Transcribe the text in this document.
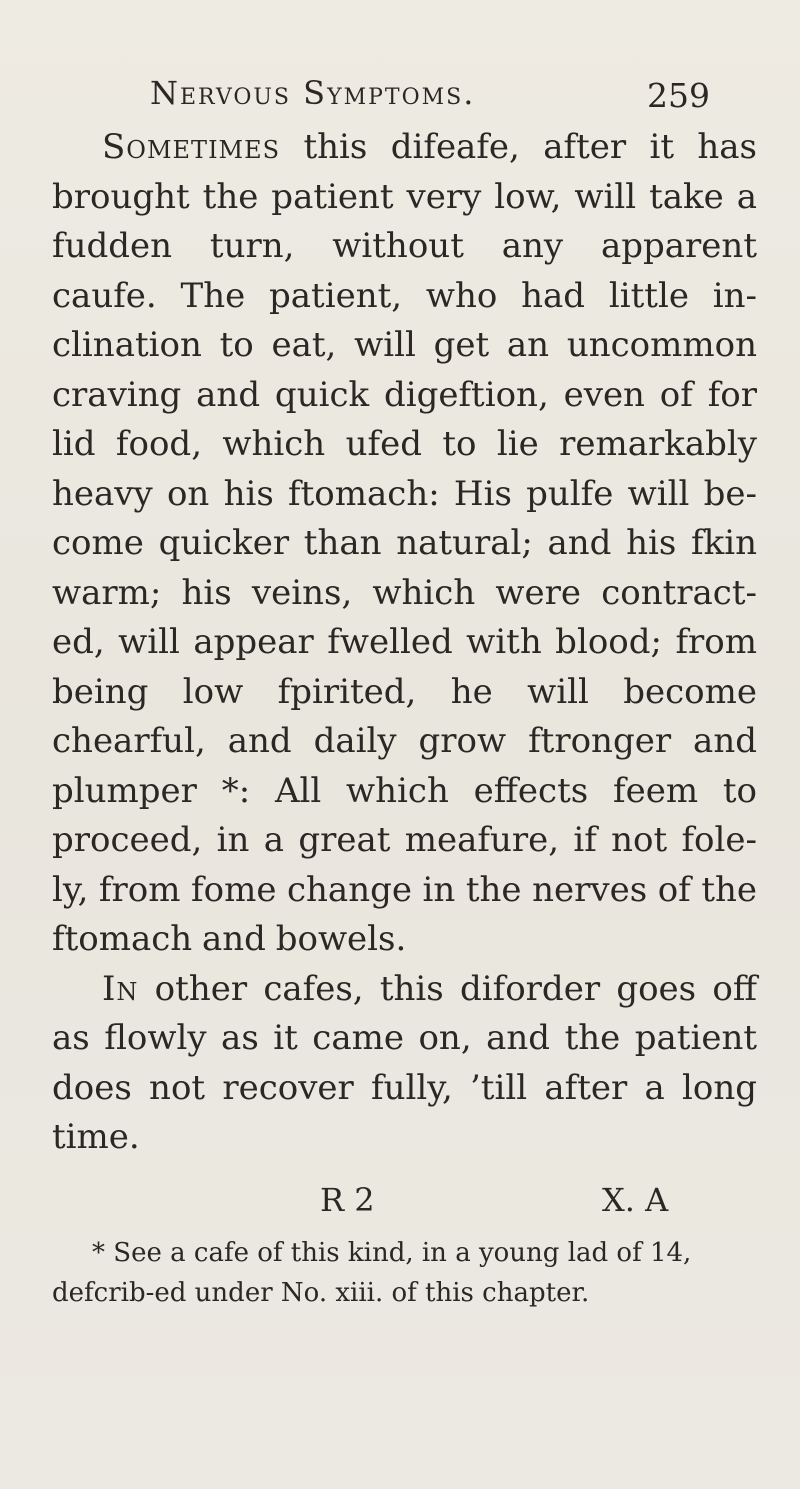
Nervous Symptoms.	259

Sometimes this difeafe, after it has brought the patient very low, will take a fudden turn, without any apparent caufe. The patient, who had little in-clination to eat, will get an uncommon craving and quick digeftion, even of for lid food, which ufed to lie remarkably heavy on his ftomach: His pulfe will be-come quicker than natural; and his fkin warm; his veins, which were contract-ed, will appear fwelled with blood; from being low fpirited, he will become chearful, and daily grow ftronger and plumper *: All which effects feem to proceed, in a great meafure, if not fole-ly, from fome change in the nerves of the ftomach and bowels.

In other cafes, this diforder goes off as flowly as it came on, and the patient does not recover fully, ’till after a long time.

R 2	X. A

* See a cafe of this kind, in a young lad of 14, defcrib-ed under No. xiii. of this chapter.
